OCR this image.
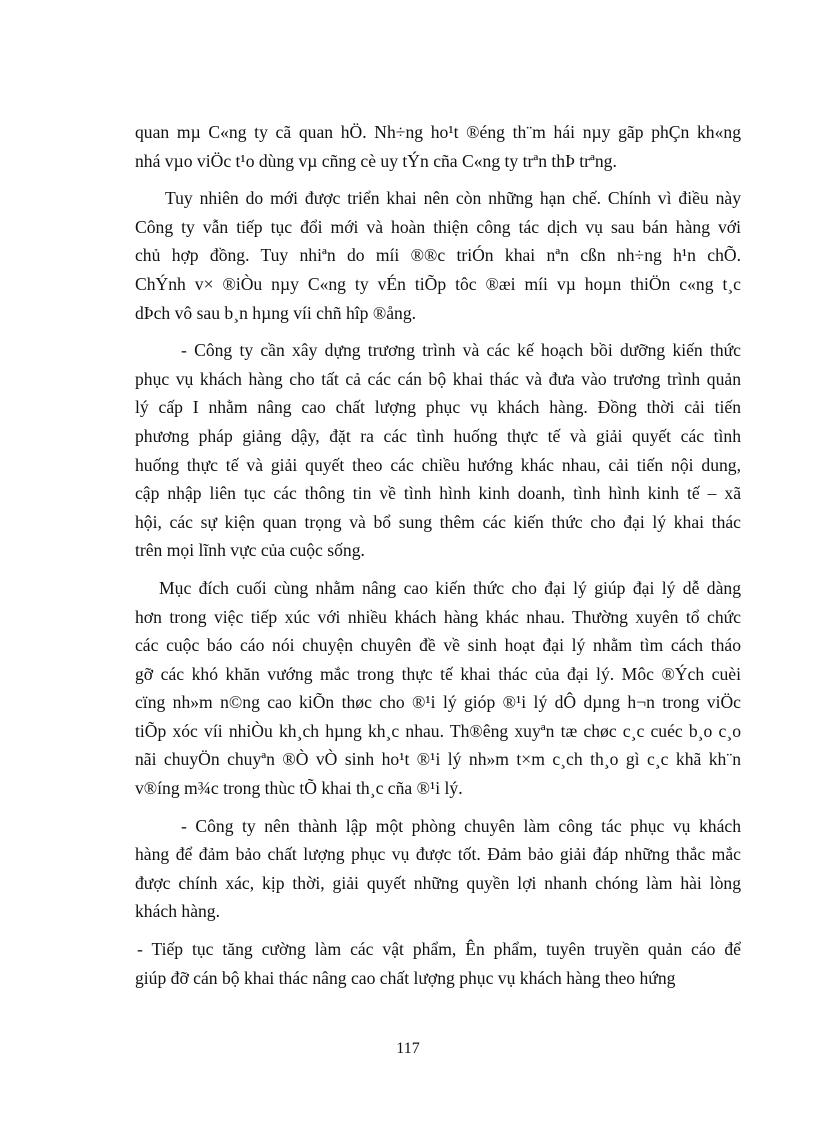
quan mµ C«ng ty cã quan hÖ. Nh÷ng ho¹t ®éng th¨m hái nµy gãp phÇn kh«ng
nhá vµo viÖc t¹o dùng vµ cñng cè uy tÝn cña C«ng ty trªn thÞ trªng.
Tuy nhiên do mới được triển khai nên còn những hạn chế. Chính vì điều này
Công ty vẫn tiếp tục đổi mới và hoàn thiện công tác dịch vụ sau bán hàng với
chủ hợp đồng. Tuy nhiªn do míi ®®c triÓn khai nªn cßn nh÷ng h¹n chÕ.
ChÝnh v× ®iÒu nµy C«ng ty vÉn tiÕp tôc ®æi míi vµ hoµn thiÖn c«ng t¸c
dÞch vô sau b¸n hµng víi chñ hîp ®ång.
- Công ty cần xây dựng trương trình và các kế hoạch bồi dưỡng kiến thức
phục vụ khách hàng cho tất cả các cán bộ khai thác và đưa vào trương trình quản
lý cấp I nhằm nâng cao chất lượng phục vụ khách hàng. Đồng thời cải tiến
phương pháp giảng dậy, đặt ra các tình huống thực tế và giải quyết các tình
huống thực tế và giải quyết theo các chiều hướng khác nhau, cải tiến nội dung,
cập nhập liên tục các thông tin về tình hình kinh doanh, tình hình kinh tế – xã
hội, các sự kiện quan trọng và bổ sung thêm các kiến thức cho đại lý khai thác
trên mọi lĩnh vực của cuộc sống.
Mục đích cuối cùng nhằm nâng cao kiến thức cho đại lý giúp đại lý dễ dàng
hơn trong việc tiếp xúc với nhiều khách hàng khác nhau. Thường xuyên tổ chức
các cuộc báo cáo nói chuyện chuyên đề về sinh hoạt đại lý nhằm tìm cách tháo
gỡ các khó khăn vướng mắc trong thực tế khai thác của đại lý. Môc ®Ých cuèi
cïng nh»m n©ng cao kiÕn thøc cho ®¹i lý gióp ®¹i lý dÔ dµng h¬n trong viÖc
tiÕp xóc víi nhiÒu kh¸ch hµng kh¸c nhau. Th®êng xuyªn tæ chøc c¸c cuéc b¸o c¸o
nãi chuyÖn chuyªn ®Ò vÒ sinh ho¹t ®¹i lý nh»m t×m c¸ch th¸o gì c¸c khã kh¨n
v®íng m¾c trong thùc tÕ khai th¸c cña ®¹i lý.
- Công ty nên thành lập một phòng chuyên làm công tác phục vụ khách
hàng để đảm bảo chất lượng phục vụ được tốt. Đảm bảo giải đáp những thắc mắc
được chính xác, kịp thời, giải quyết những quyền lợi nhanh chóng làm hài lòng
khách hàng.
- Tiếp tục tăng cường làm các vật phẩm, Ên phẩm, tuyên truyền quản cáo để
giúp đỡ cán bộ khai thác nâng cao chất lượng phục vụ khách hàng theo hứng
117
